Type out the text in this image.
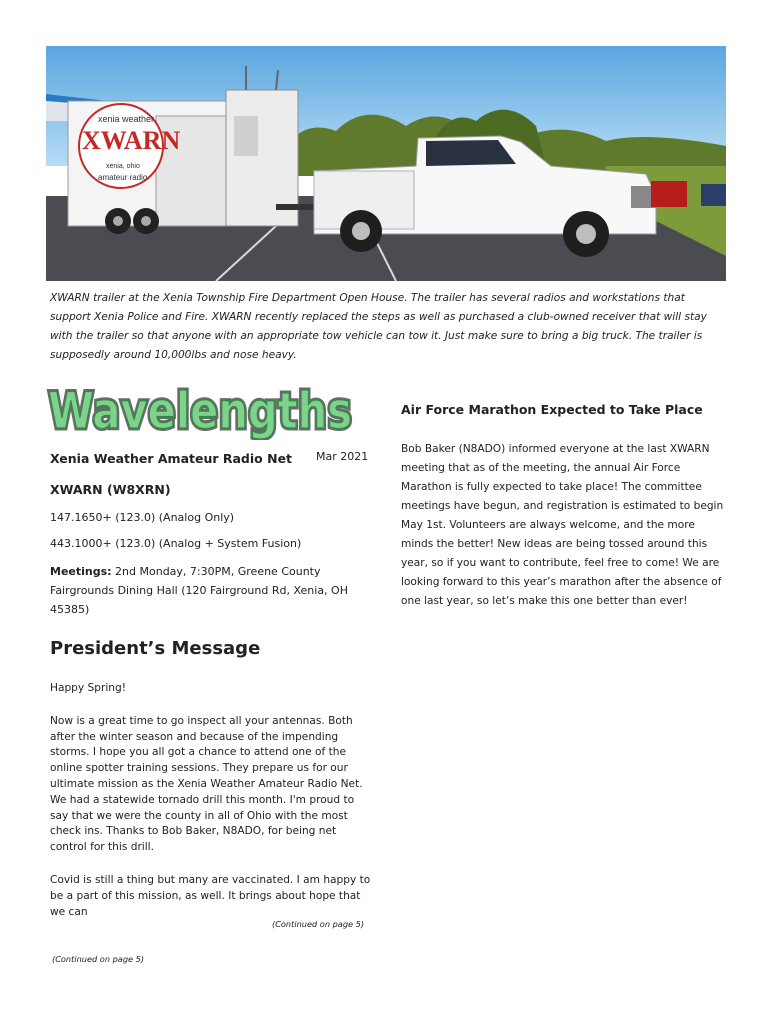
XWARN
xenia weather
xenia, ohio
amateur radio
XWARN trailer at the Xenia Township Fire Department Open House. The trailer has several radios and workstations that support Xenia Police and Fire. XWARN recently replaced the steps as well as purchased a club-owned receiver that will stay with the trailer so that anyone with an appropriate tow vehicle can tow it. Just make sure to bring a big truck. The trailer is supposedly around 10,000lbs and nose heavy.
Wavelengths
Wavelengths
Xenia Weather Amateur Radio Net Mar 2021
XWARN (W8XRN)
147.1650+ (123.0) (Analog Only)
443.1000+ (123.0) (Analog + System Fusion)
Meetings: 2nd Monday, 7:30PM, Greene County Fairgrounds Dining Hall (120 Fairground Rd, Xenia, OH 45385)
President’s Message

Happy Spring!

Now is a great time to go inspect all your antennas. Both after the winter season and because of the impending storms. I hope you all got a chance to attend one of the online spotter training sessions. They prepare us for our ultimate mission as the Xenia Weather Amateur Radio Net. We had a statewide tornado drill this month. I'm proud to say that we were the county in all of Ohio with the most check ins. Thanks to Bob Baker, N8ADO, for being net control for this drill.

Covid is still a thing but many are vaccinated. I am happy to be a part of this mission, as well. It brings about hope that we can

(Continued on page 5)
(Continued on page 5)
Air Force Marathon Expected to Take Place
Bob Baker (N8ADO) informed everyone at the last XWARN meeting that as of the meeting, the annual Air Force Marathon is fully expected to take place! The committee meetings have begun, and registration is estimated to begin May 1st. Volunteers are always welcome, and the more minds the better! New ideas are being tossed around this year, so if you want to contribute, feel free to come! We are looking forward to this year’s marathon after the absence of one last year, so let’s make this one better than ever!
